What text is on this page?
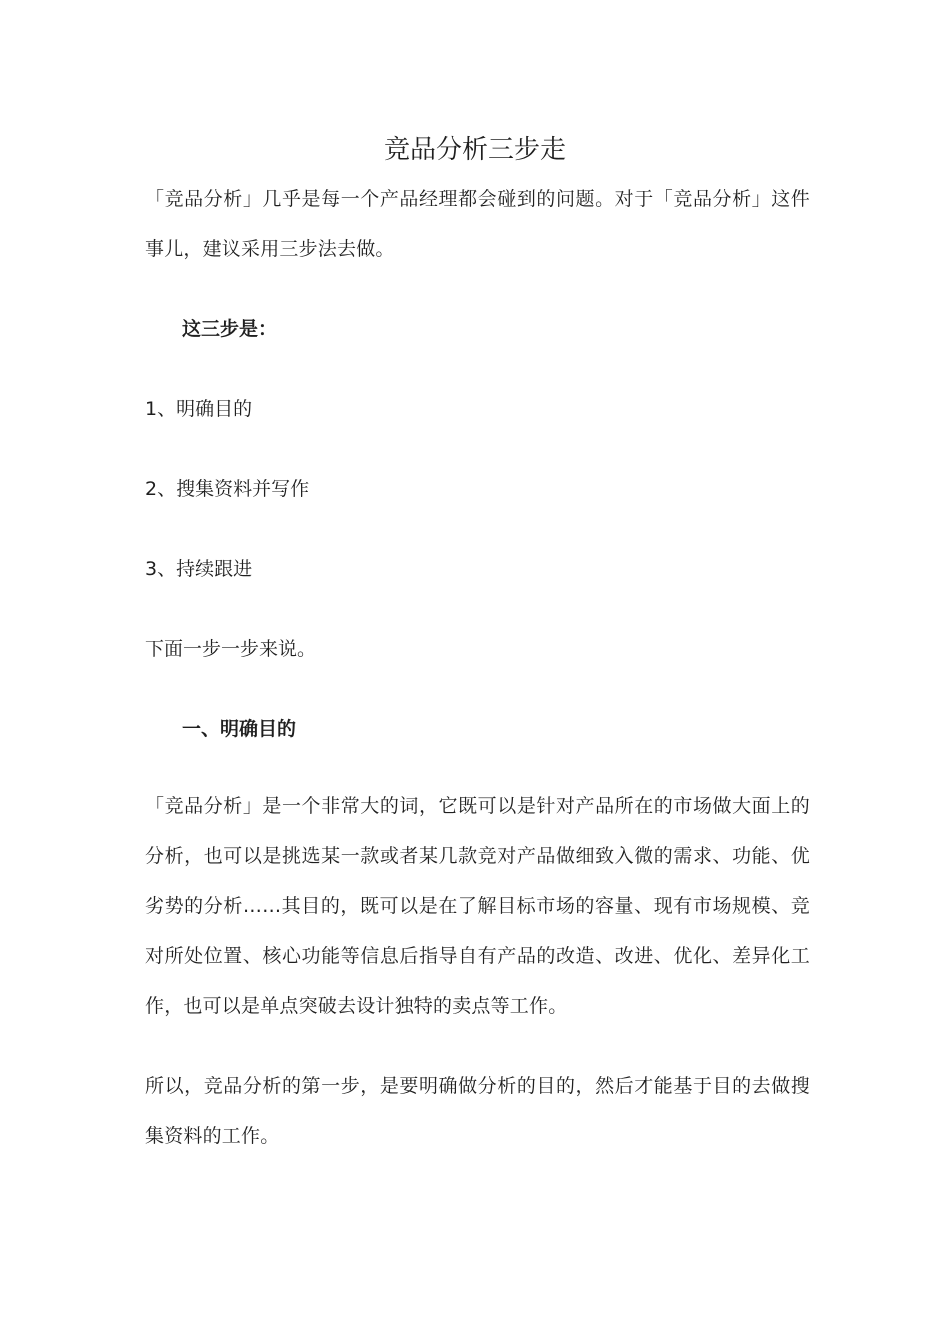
竞品分析三步走

「竞品分析」几乎是每一个产品经理都会碰到的问题。对于「竞品分析」这件事儿，建议采用三步法去做。

这三步是：

1、明确目的

2、搜集资料并写作

3、持续跟进

下面一步一步来说。

一、明确目的

「竞品分析」是一个非常大的词，它既可以是针对产品所在的市场做大面上的分析，也可以是挑选某一款或者某几款竞对产品做细致入微的需求、功能、优劣势的分析……其目的，既可以是在了解目标市场的容量、现有市场规模、竞对所处位置、核心功能等信息后指导自有产品的改造、改进、优化、差异化工作，也可以是单点突破去设计独特的卖点等工作。

所以，竞品分析的第一步，是要明确做分析的目的，然后才能基于目的去做搜集资料的工作。
